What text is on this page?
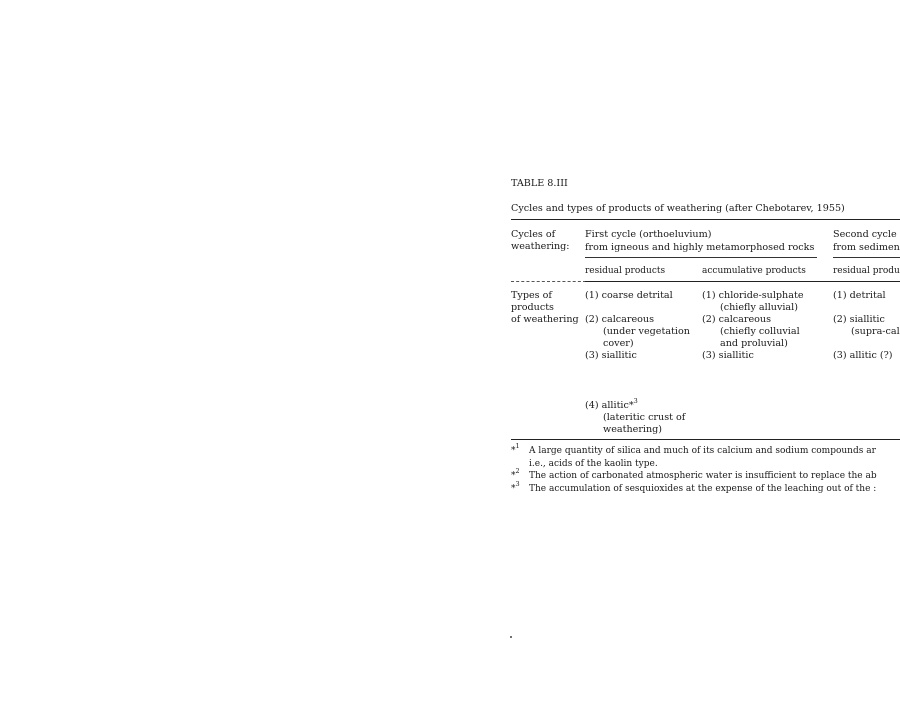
TABLE 8.III
Cycles and types of products of weathering (after Chebotarev, 1955)
Cycles of
weathering:
First cycle (orthoeluvium)
from igneous and highly metamorphosed rocks
Second cycle
from sedimen
residual products	accumulative products	residual produ
Types of
products
of weathering
(1) coarse detrital
(2) calcareous
(under vegetation
cover)
(3) siallitic
(4) allitic*$^3$
(lateritic crust of
weathering)
(1) chloride-sulphate
(chiefly alluvial)
(2) calcareous
(chiefly colluvial
and proluvial)
(3) siallitic
(1) detrital
(2) siallitic
(supra-cal
(3) allitic (?)
*$^1$ A large quantity of silica and much of its calcium and sodium compounds ar
i.e., acids of the kaolin type.
*$^2$ The action of carbonated atmospheric water is insufficient to replace the ab
*$^3$ The accumulation of sesquioxides at the expense of the leaching out of the :
